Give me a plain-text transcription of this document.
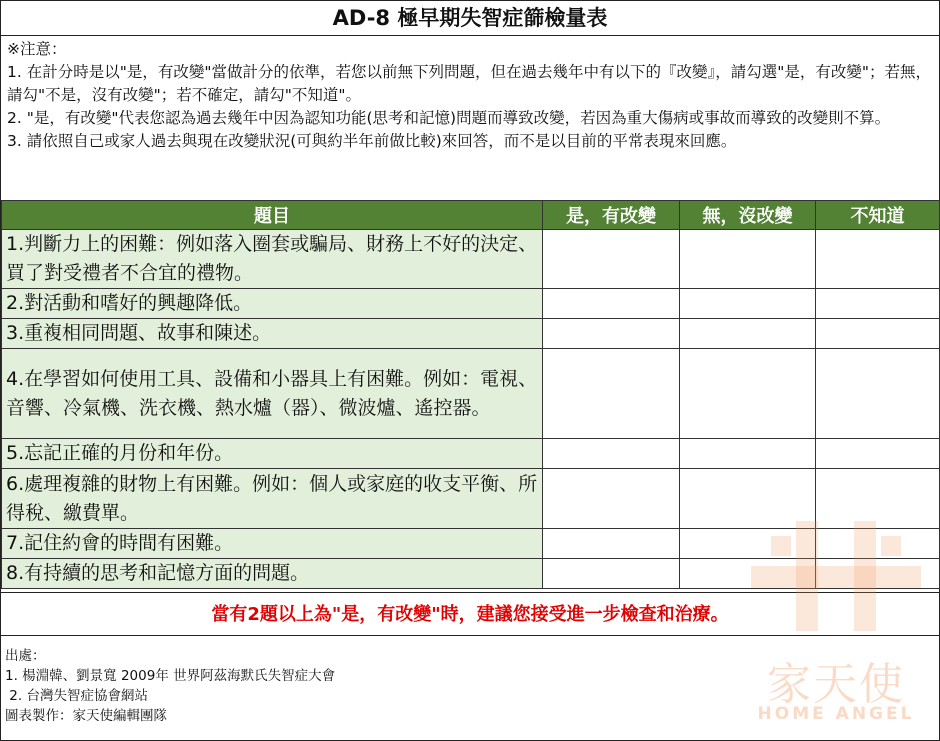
AD-8 極早期失智症篩檢量表
※注意：
1. 在計分時是以"是，有改變"當做計分的依準，若您以前無下列問題，但在過去幾年中有以下的『改變』，請勾選"是，有改變"；若無，請勾"不是，沒有改變"；若不確定，請勾"不知道"。
2. "是，有改變"代表您認為過去幾年中因為認知功能(思考和記憶)問題而導致改變，若因為重大傷病或事故而導致的改變則不算。
3. 請依照自己或家人過去與現在改變狀況(可與約半年前做比較)來回答，而不是以目前的平常表現來回應。
題目	是，有改變	無，沒改變	不知道
1.判斷力上的困難：例如落入圈套或騙局、財務上不好的決定、買了對受禮者不合宜的禮物。			
2.對活動和嗜好的興趣降低。			
3.重複相同問題、故事和陳述。			
4.在學習如何使用工具、設備和小器具上有困難。例如：電視、音響、冷氣機、洗衣機、熱水爐（器）、微波爐、遙控器。			
5.忘記正確的月份和年份。			
6.處理複雜的財物上有困難。例如：個人或家庭的收支平衡、所得稅、繳費單。			
7.記住約會的時間有困難。			
8.有持續的思考和記憶方面的問題。			
當有2題以上為"是，有改變"時，建議您接受進一步檢查和治療。
出處：
1. 楊淵韓、劉景寬 2009年 世界阿茲海默氏失智症大會
2. 台灣失智症協會網站
圖表製作：家天使編輯團隊
家天使
HOME ANGEL
